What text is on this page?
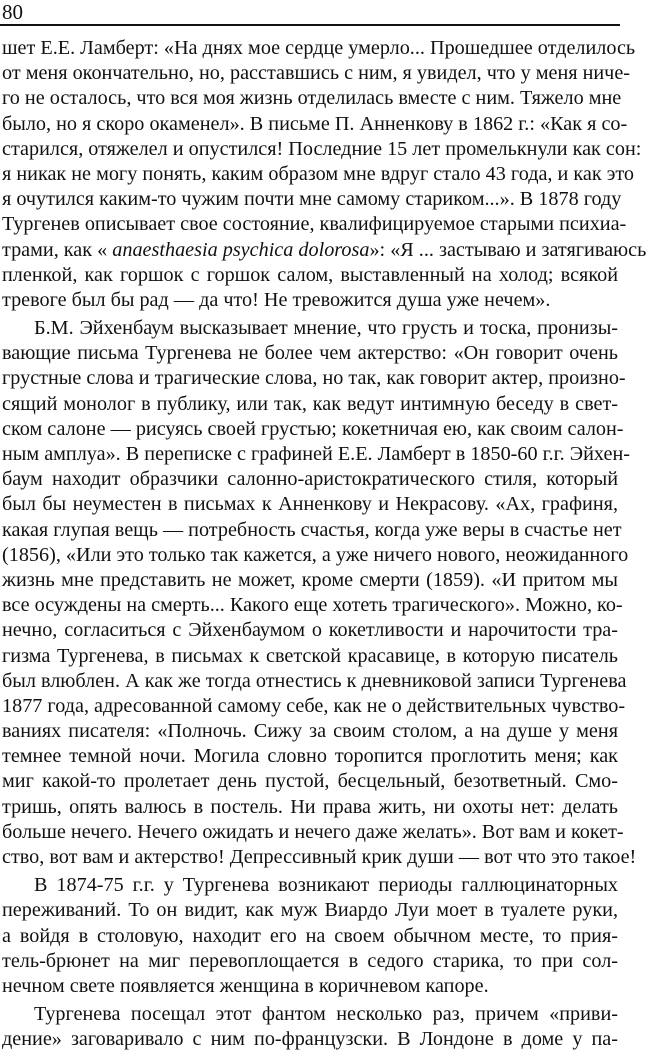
80
шет Е.Е. Ламберт: «На днях мое сердце умерло... Прошедшее отделилось
от меня окончательно, но, расставшись с ним, я увидел, что у меня ниче-
го не осталось, что вся моя жизнь отделилась вместе с ним. Тяжело мне
было, но я скоро окаменел». В письме П. Анненкову в 1862 г.: «Как я со-
старился, отяжелел и опустился! Последние 15 лет промелькнули как сон:
я никак не могу понять, каким образом мне вдруг стало 43 года, и как это
я очутился каким-то чужим почти мне самому стариком...». В 1878 году
Тургенев описывает свое состояние, квалифицируемое старыми психиа-
трами, как « anaesthaesia psychica dolorosa»: «Я ... застываю и затягиваюсь
пленкой, как горшок с горшок салом, выставленный на холод; всякой
тревоге был бы рад — да что! Не тревожится душа уже нечем».
Б.М. Эйхенбаум высказывает мнение, что грусть и тоска, пронизы-
вающие письма Тургенева не более чем актерство: «Он говорит очень
грустные слова и трагические слова, но так, как говорит актер, произно-
сящий монолог в публику, или так, как ведут интимную беседу в свет-
ском салоне — рисуясь своей грустью; кокетничая ею, как своим салон-
ным амплуа». В переписке с графиней Е.Е. Ламберт в 1850-60 г.г. Эйхен-
баум находит образчики салонно-аристократического стиля, который
был бы неуместен в письмах к Анненкову и Некрасову. «Ах, графиня,
какая глупая вещь — потребность счастья, когда уже веры в счастье нет
(1856), «Или это только так кажется, а уже ничего нового, неожиданного
жизнь мне представить не может, кроме смерти (1859). «И притом мы
все осуждены на смерть... Какого еще хотеть трагического». Можно, ко-
нечно, согласиться с Эйхенбаумом о кокетливости и нарочитости тра-
гизма Тургенева, в письмах к светской красавице, в которую писатель
был влюблен. А как же тогда отнестись к дневниковой записи Тургенева
1877 года, адресованной самому себе, как не о действительных чувство-
ваниях писателя: «Полночь. Сижу за своим столом, а на душе у меня
темнее темной ночи. Могила словно торопится проглотить меня; как
миг какой-то пролетает день пустой, бесцельный, безответный. Смо-
тришь, опять валюсь в постель. Ни права жить, ни охоты нет: делать
больше нечего. Нечего ожидать и нечего даже желать». Вот вам и кокет-
ство, вот вам и актерство! Депрессивный крик души — вот что это такое!
В 1874-75 г.г. у Тургенева возникают периоды галлюцинаторных
переживаний. То он видит, как муж Виардо Луи моет в туалете руки,
а войдя в столовую, находит его на своем обычном месте, то прия-
тель-брюнет на миг перевоплощается в седого старика, то при сол-
нечном свете появляется женщина в коричневом капоре.
Тургенева посещал этот фантом несколько раз, причем «приви-
дение» заговаривало с ним по-французски. В Лондоне в доме у па-
